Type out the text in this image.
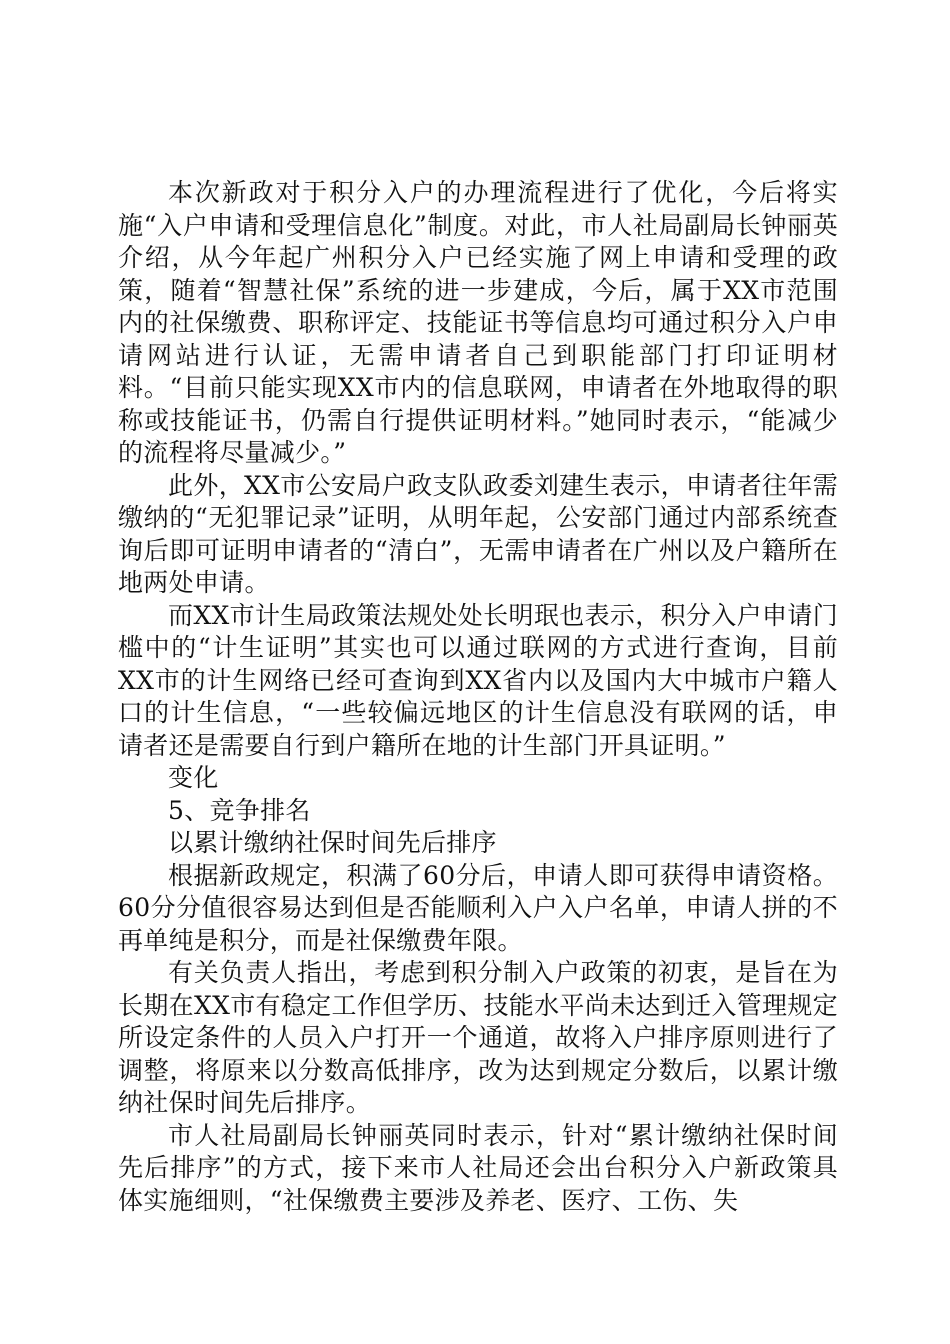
本次新政对于积分入户的办理流程进行了优化，今后将实施“入户申请和受理信息化”制度。对此，市人社局副局长钟丽英介绍，从今年起广州积分入户已经实施了网上申请和受理的政策，随着“智慧社保”系统的进一步建成，今后，属于XX市范围内的社保缴费、职称评定、技能证书等信息均可通过积分入户申请网站进行认证，无需申请者自己到职能部门打印证明材料。“目前只能实现XX市内的信息联网，申请者在外地取得的职称或技能证书，仍需自行提供证明材料。”她同时表示，“能减少的流程将尽量减少。”

此外，XX市公安局户政支队政委刘建生表示，申请者往年需缴纳的“无犯罪记录”证明，从明年起，公安部门通过内部系统查询后即可证明申请者的“清白”，无需申请者在广州以及户籍所在地两处申请。

而XX市计生局政策法规处处长明珉也表示，积分入户申请门槛中的“计生证明”其实也可以通过联网的方式进行查询，目前XX市的计生网络已经可查询到XX省内以及国内大中城市户籍人口的计生信息，“一些较偏远地区的计生信息没有联网的话，申请者还是需要自行到户籍所在地的计生部门开具证明。”

变化

5、竞争排名

以累计缴纳社保时间先后排序

根据新政规定，积满了60分后，申请人即可获得申请资格。60分分值很容易达到但是否能顺利入户入户名单，申请人拼的不再单纯是积分，而是社保缴费年限。

有关负责人指出，考虑到积分制入户政策的初衷，是旨在为长期在XX市有稳定工作但学历、技能水平尚未达到迁入管理规定所设定条件的人员入户打开一个通道，故将入户排序原则进行了调整，将原来以分数高低排序，改为达到规定分数后，以累计缴纳社保时间先后排序。

市人社局副局长钟丽英同时表示，针对“累计缴纳社保时间先后排序”的方式，接下来市人社局还会出台积分入户新政策具体实施细则，“社保缴费主要涉及养老、医疗、工伤、失
